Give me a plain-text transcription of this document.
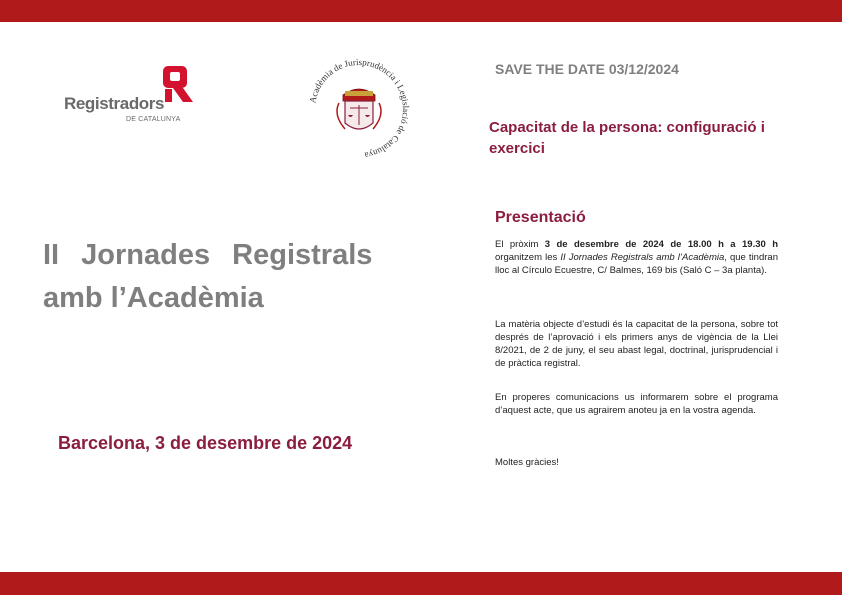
Registradors
DE CATALUNYA
Acadèmia de Jurisprudència i Legislació de Catalunya
SAVE THE DATE 03/12/2024
Capacitat de la persona: configuració i exercici
II Jornades Registrals
amb l’Acadèmia
Barcelona, 3 de desembre de 2024
Presentació
El pròxim 3 de desembre de 2024 de 18.00 h a 19.30 h organitzem les II Jornades Registrals amb l’Acadèmia, que tindran lloc al Círculo Ecuestre, C/ Balmes, 169 bis (Saló C – 3a planta).
La matèria objecte d’estudi és la capacitat de la persona, sobre tot després de l’aprovació i els primers anys de vigència de la Llei 8/2021, de 2 de juny, el seu abast legal, doctrinal, jurisprudencial i de pràctica registral.
En properes comunicacions us informarem sobre el programa d’aquest acte, que us agrairem anoteu ja en la vostra agenda.
Moltes gràcies!
